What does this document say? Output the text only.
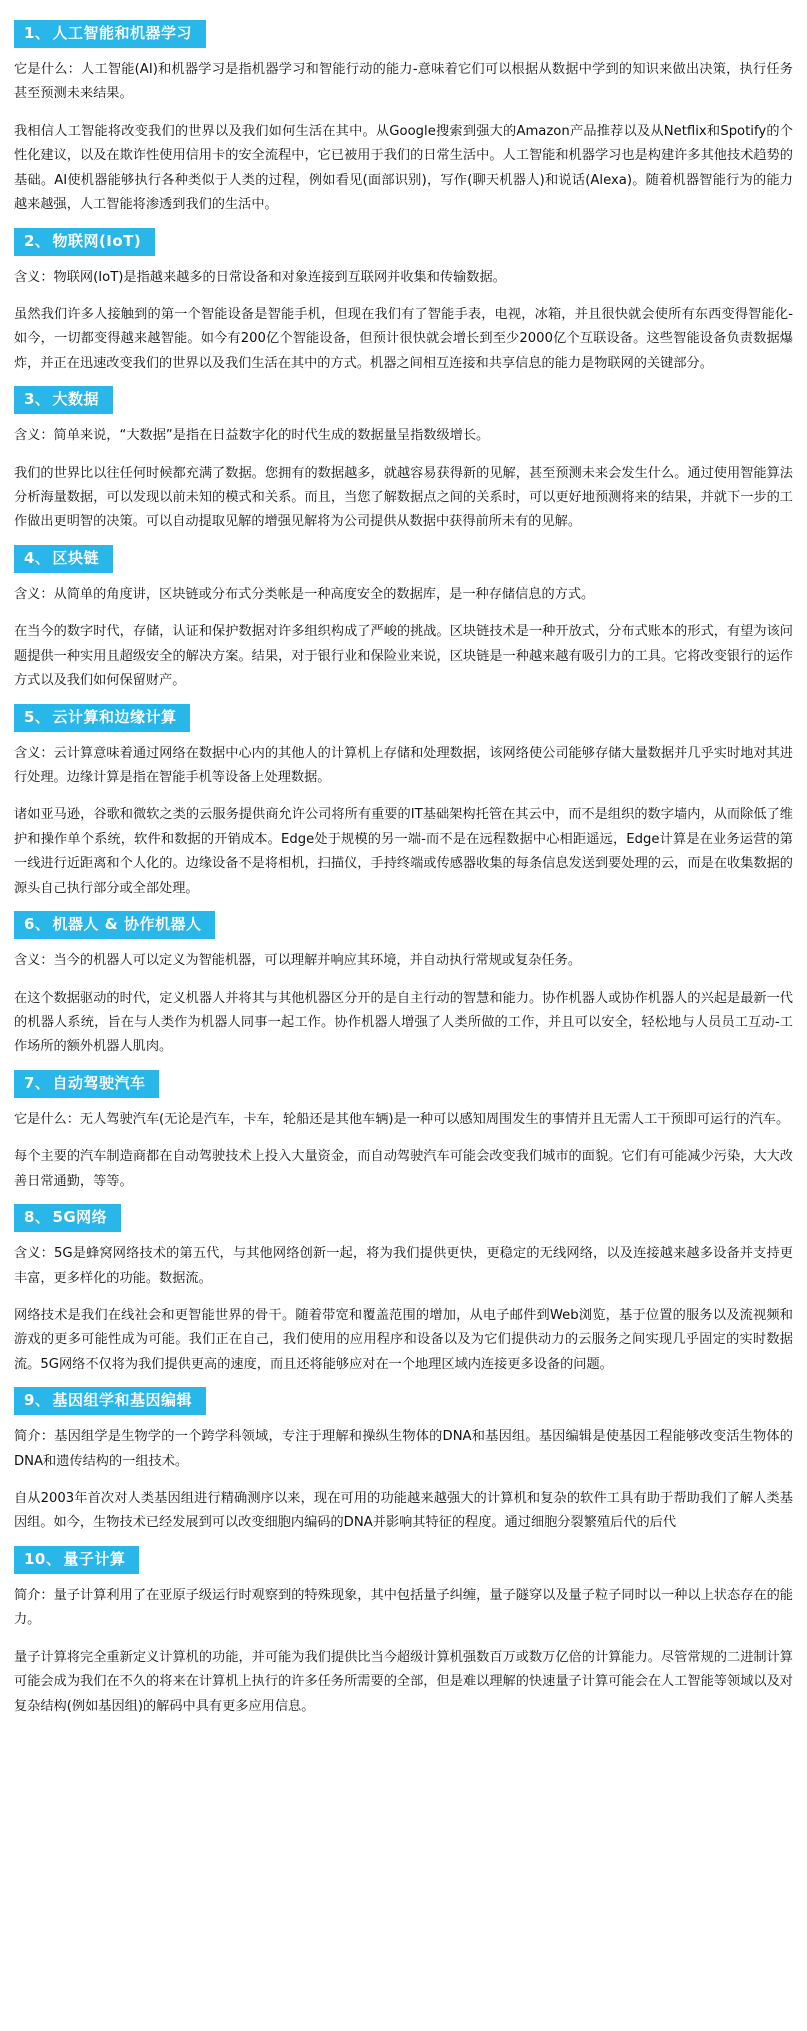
1、 人工智能和机器学习

它是什么：人工智能(AI)和机器学习是指机器学习和智能行动的能力-意味着它们可以根据从数据中学到的知识来做出决策，执行任务甚至预测未来结果。

我相信人工智能将改变我们的世界以及我们如何生活在其中。从Google搜索到强大的Amazon产品推荐以及从Netflix和Spotify的个性化建议，以及在欺诈性使用信用卡的安全流程中，它已被用于我们的日常生活中。人工智能和机器学习也是构建许多其他技术趋势的基础。AI使机器能够执行各种类似于人类的过程，例如看见(面部识别)，写作(聊天机器人)和说话(Alexa)。随着机器智能行为的能力越来越强，人工智能将渗透到我们的生活中。

2、 物联网(IoT)

含义：物联网(IoT)是指越来越多的日常设备和对象连接到互联网并收集和传输数据。

虽然我们许多人接触到的第一个智能设备是智能手机，但现在我们有了智能手表，电视，冰箱，并且很快就会使所有东西变得智能化-如今，一切都变得越来越智能。如今有200亿个智能设备，但预计很快就会增长到至少2000亿个互联设备。这些智能设备负责数据爆炸，并正在迅速改变我们的世界以及我们生活在其中的方式。机器之间相互连接和共享信息的能力是物联网的关键部分。

3、 大数据

含义：简单来说，“大数据”是指在日益数字化的时代生成的数据量呈指数级增长。

我们的世界比以往任何时候都充满了数据。您拥有的数据越多，就越容易获得新的见解，甚至预测未来会发生什么。通过使用智能算法分析海量数据，可以发现以前未知的模式和关系。而且，当您了解数据点之间的关系时，可以更好地预测将来的结果，并就下一步的工作做出更明智的决策。可以自动提取见解的增强见解将为公司提供从数据中获得前所未有的见解。

4、 区块链

含义：从简单的角度讲，区块链或分布式分类帐是一种高度安全的数据库，是一种存储信息的方式。

在当今的数字时代，存储，认证和保护数据对许多组织构成了严峻的挑战。区块链技术是一种开放式，分布式账本的形式，有望为该问题提供一种实用且超级安全的解决方案。结果，对于银行业和保险业来说，区块链是一种越来越有吸引力的工具。它将改变银行的运作方式以及我们如何保留财产。

5、 云计算和边缘计算

含义：云计算意味着通过网络在数据中心内的其他人的计算机上存储和处理数据，该网络使公司能够存储大量数据并几乎实时地对其进行处理。边缘计算是指在智能手机等设备上处理数据。

诸如亚马逊，谷歌和微软之类的云服务提供商允许公司将所有重要的IT基础架构托管在其云中，而不是组织的数字墙内，从而除低了维护和操作单个系统，软件和数据的开销成本。Edge处于规模的另一端-而不是在远程数据中心相距遥远，Edge计算是在业务运营的第一线进行近距离和个人化的。边缘设备不是将相机，扫描仪，手持终端或传感器收集的每条信息发送到要处理的云，而是在收集数据的源头自己执行部分或全部处理。

6、 机器人 & 协作机器人

含义：当今的机器人可以定义为智能机器，可以理解并响应其环境，并自动执行常规或复杂任务。

在这个数据驱动的时代，定义机器人并将其与其他机器区分开的是自主行动的智慧和能力。协作机器人或协作机器人的兴起是最新一代的机器人系统，旨在与人类作为机器人同事一起工作。协作机器人增强了人类所做的工作，并且可以安全，轻松地与人员员工互动-工作场所的额外机器人肌肉。

7、 自动驾驶汽车

它是什么：无人驾驶汽车(无论是汽车，卡车，轮船还是其他车辆)是一种可以感知周围发生的事情并且无需人工干预即可运行的汽车。

每个主要的汽车制造商都在自动驾驶技术上投入大量资金，而自动驾驶汽车可能会改变我们城市的面貌。它们有可能减少污染，大大改善日常通勤，等等。

8、 5G网络

含义：5G是蜂窝网络技术的第五代，与其他网络创新一起，将为我们提供更快，更稳定的无线网络，以及连接越来越多设备并支持更丰富，更多样化的功能。数据流。

网络技术是我们在线社会和更智能世界的骨干。随着带宽和覆盖范围的增加，从电子邮件到Web浏览，基于位置的服务以及流视频和游戏的更多可能性成为可能。我们正在自己，我们使用的应用程序和设备以及为它们提供动力的云服务之间实现几乎固定的实时数据流。5G网络不仅将为我们提供更高的速度，而且还将能够应对在一个地理区域内连接更多设备的问题。

9、 基因组学和基因编辑

简介：基因组学是生物学的一个跨学科领域，专注于理解和操纵生物体的DNA和基因组。基因编辑是使基因工程能够改变活生物体的DNA和遗传结构的一组技术。

自从2003年首次对人类基因组进行精确测序以来，现在可用的功能越来越强大的计算机和复杂的软件工具有助于帮助我们了解人类基因组。如今，生物技术已经发展到可以改变细胞内编码的DNA并影响其特征的程度。通过细胞分裂繁殖后代的后代

10、 量子计算

简介：量子计算利用了在亚原子级运行时观察到的特殊现象，其中包括量子纠缠，量子隧穿以及量子粒子同时以一种以上状态存在的能力。

量子计算将完全重新定义计算机的功能，并可能为我们提供比当今超级计算机强数百万或数万亿倍的计算能力。尽管常规的二进制计算可能会成为我们在不久的将来在计算机上执行的许多任务所需要的全部，但是难以理解的快速量子计算可能会在人工智能等领域以及对复杂结构(例如基因组)的解码中具有更多应用信息。
